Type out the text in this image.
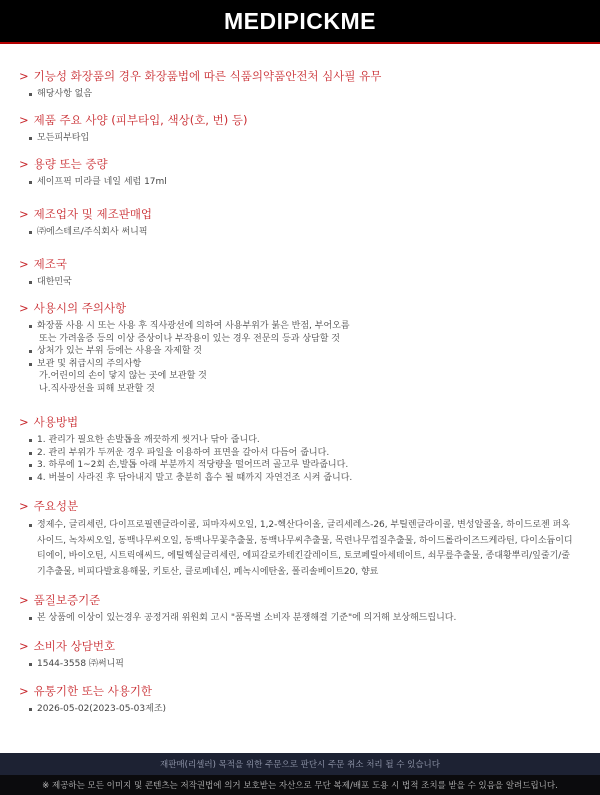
MEDIPICKME
> 기능성 화장품의 경우 화장품법에 따른 식품의약품안전처 심사필 유무
해당사항 없음
> 제품 주요 사양 (피부타입, 색상(호, 번) 등)
모든피부타입
> 용량 또는 중량
세이프픽 미라클 네일 세럼 17ml
> 제조업자 및 제조판매업
㈜에스테르/주식회사 써니픽
> 제조국
대한민국
> 사용시의 주의사항
화장품 사용 시 또는 사용 후 직사광선에 의하여 사용부위가 붉은 반점, 부어오름
또는 가려움증 등의 이상 증상이나 부작용이 있는 경우 전문의 등과 상담할 것
상처가 있는 부위 등에는 사용을 자제할 것
보관 및 취급시의 주의사항
가.어린이의 손이 닿지 않는 곳에 보관할 것
나.직사광선을 피해 보관할 것
> 사용방법
1. 관리가 필요한 손발톱을 깨끗하게 씻거나 닦아 줍니다.
2. 관리 부위가 두꺼운 경우 파일을 이용하여 표면을 갈아서 다듬어 줍니다.
3. 하루에 1~2회 손,발톱 아래 부분까지 적당량을 떨어뜨려 골고루 발라줍니다.
4. 버블이 사라진 후 닦아내지 말고 충분히 흡수 될 때까지 자연건조 시켜 줍니다.
> 주요성분
정제수, 글리세린, 다이프로필렌글라이콜, 피마자씨오일, 1,2-헥산다이올, 글리세레스-26, 부틸렌글라이콜, 변성알콜올, 하이드로젠 퍼옥사이드, 녹차씨오일, 동백나무씨오일, 동백나무꽃추출물, 동백나무씨추출물, 목련나무껍질추출물, 하이드롤라이즈드케라틴, 다이소듐이디티에이, 바이오틴, 시트릭애씨드, 에틸헥실글리세린, 에피갈로카테킨갈레이트, 토코페릴아세테이트, 쇠무릎추출물, 종대황뿌리/잎줄기/줄기추출물, 비피다발효용해물, 키토산, 클로페네신, 페녹시에탄올, 폴리솔베이트20, 향료
> 품질보증기준
본 상품에 이상이 있는경우 공정거래 위원회 고시 "품목별 소비자 분쟁해결 기준"에 의거해 보상해드립니다.
> 소비자 상담번호
1544-3558 ㈜써니픽
> 유통기한 또는 사용기한
2026-05-02(2023-05-03제조)
재판매(리셀러) 목적을 위한 주문으로 판단시 주문 취소 처리 될 수 있습니다
※ 제공하는 모든 이미지 및 콘텐츠는 저작권법에 의거 보호받는 자산으로 무단 복제/배포 도용 시 법적 조치를 받을 수 있음을 알려드립니다.
